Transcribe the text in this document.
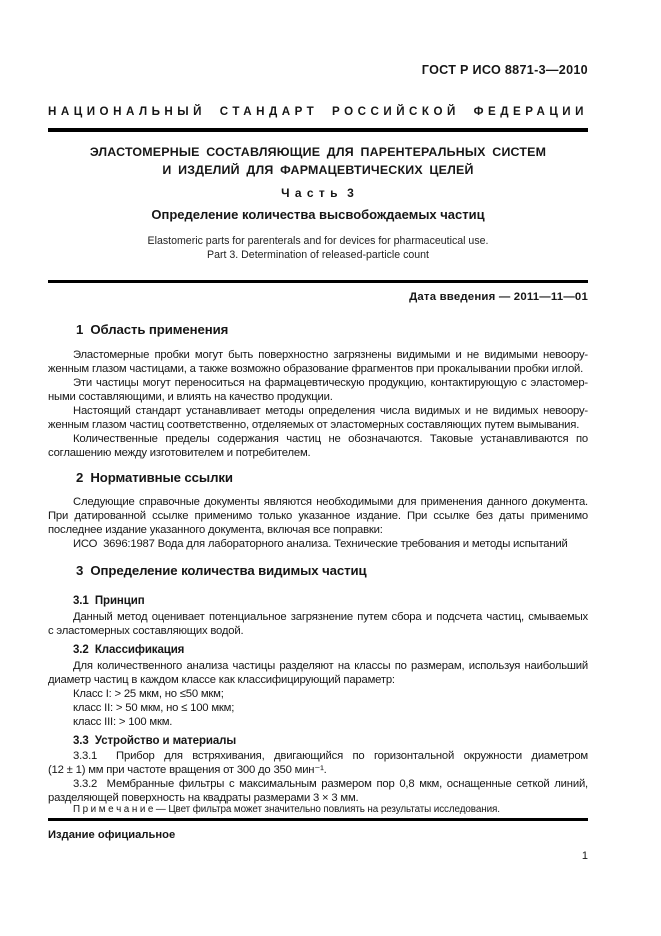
ГОСТ Р ИСО 8871-3—2010
НАЦИОНАЛЬНЫЙ СТАНДАРТ РОССИЙСКОЙ ФЕДЕРАЦИИ
ЭЛАСТОМЕРНЫЕ СОСТАВЛЯЮЩИЕ ДЛЯ ПАРЕНТЕРАЛЬНЫХ СИСТЕМ
И ИЗДЕЛИЙ ДЛЯ ФАРМАЦЕВТИЧЕСКИХ ЦЕЛЕЙ
Ч а с т ь  3
Определение количества высвобождаемых частиц
Elastomeric parts for parenterals and for devices for pharmaceutical use.
Part 3. Determination of released-particle count
Дата введения — 2011—11—01
1  Область применения
Эластомерные пробки могут быть поверхностно загрязнены видимыми и не видимыми невоору-
женным глазом частицами, а также возможно образование фрагментов при прокалывании пробки иглой.
Эти частицы могут переноситься на фармацевтическую продукцию, контактирующую с эластомер-
ными составляющими, и влиять на качество продукции.
Настоящий стандарт устанавливает методы определения числа видимых и не видимых невоору-
женным глазом частиц соответственно, отделяемых от эластомерных составляющих путем вымывания.
Количественные пределы содержания частиц не обозначаются. Таковые устанавливаются по
соглашению между изготовителем и потребителем.
2  Нормативные ссылки
Следующие справочные документы являются необходимыми для применения данного документа.
При датированной ссылке применимо только указанное издание. При ссылке без даты применимо
последнее издание указанного документа, включая все поправки:
ИСО  3696:1987 Вода для лабораторного анализа. Технические требования и методы испытаний
3  Определение количества видимых частиц
3.1  Принцип
Данный метод оценивает потенциальное загрязнение путем сбора и подсчета частиц, смываемых
с эластомерных составляющих водой.
3.2  Классификация
Для количественного анализа частицы разделяют на классы по размерам, используя наибольший
диаметр частиц в каждом классе как классифицирующий параметр:
Класс I: > 25 мкм, но ≤50 мкм;
класс II: > 50 мкм, но ≤ 100 мкм;
класс III: > 100 мкм.
3.3  Устройство и материалы
3.3.1  Прибор для встряхивания, двигающийся по горизонтальной окружности диаметром
(12 ± 1) мм при частоте вращения от 300 до 350 мин⁻¹.
3.3.2  Мембранные фильтры с максимальным размером пор 0,8 мкм, оснащенные сеткой линий,
разделяющей поверхность на квадраты размерами 3 × 3 мм.
П р и м е ч а н и е — Цвет фильтра может значительно повлиять на результаты исследования.
Издание официальное
1
